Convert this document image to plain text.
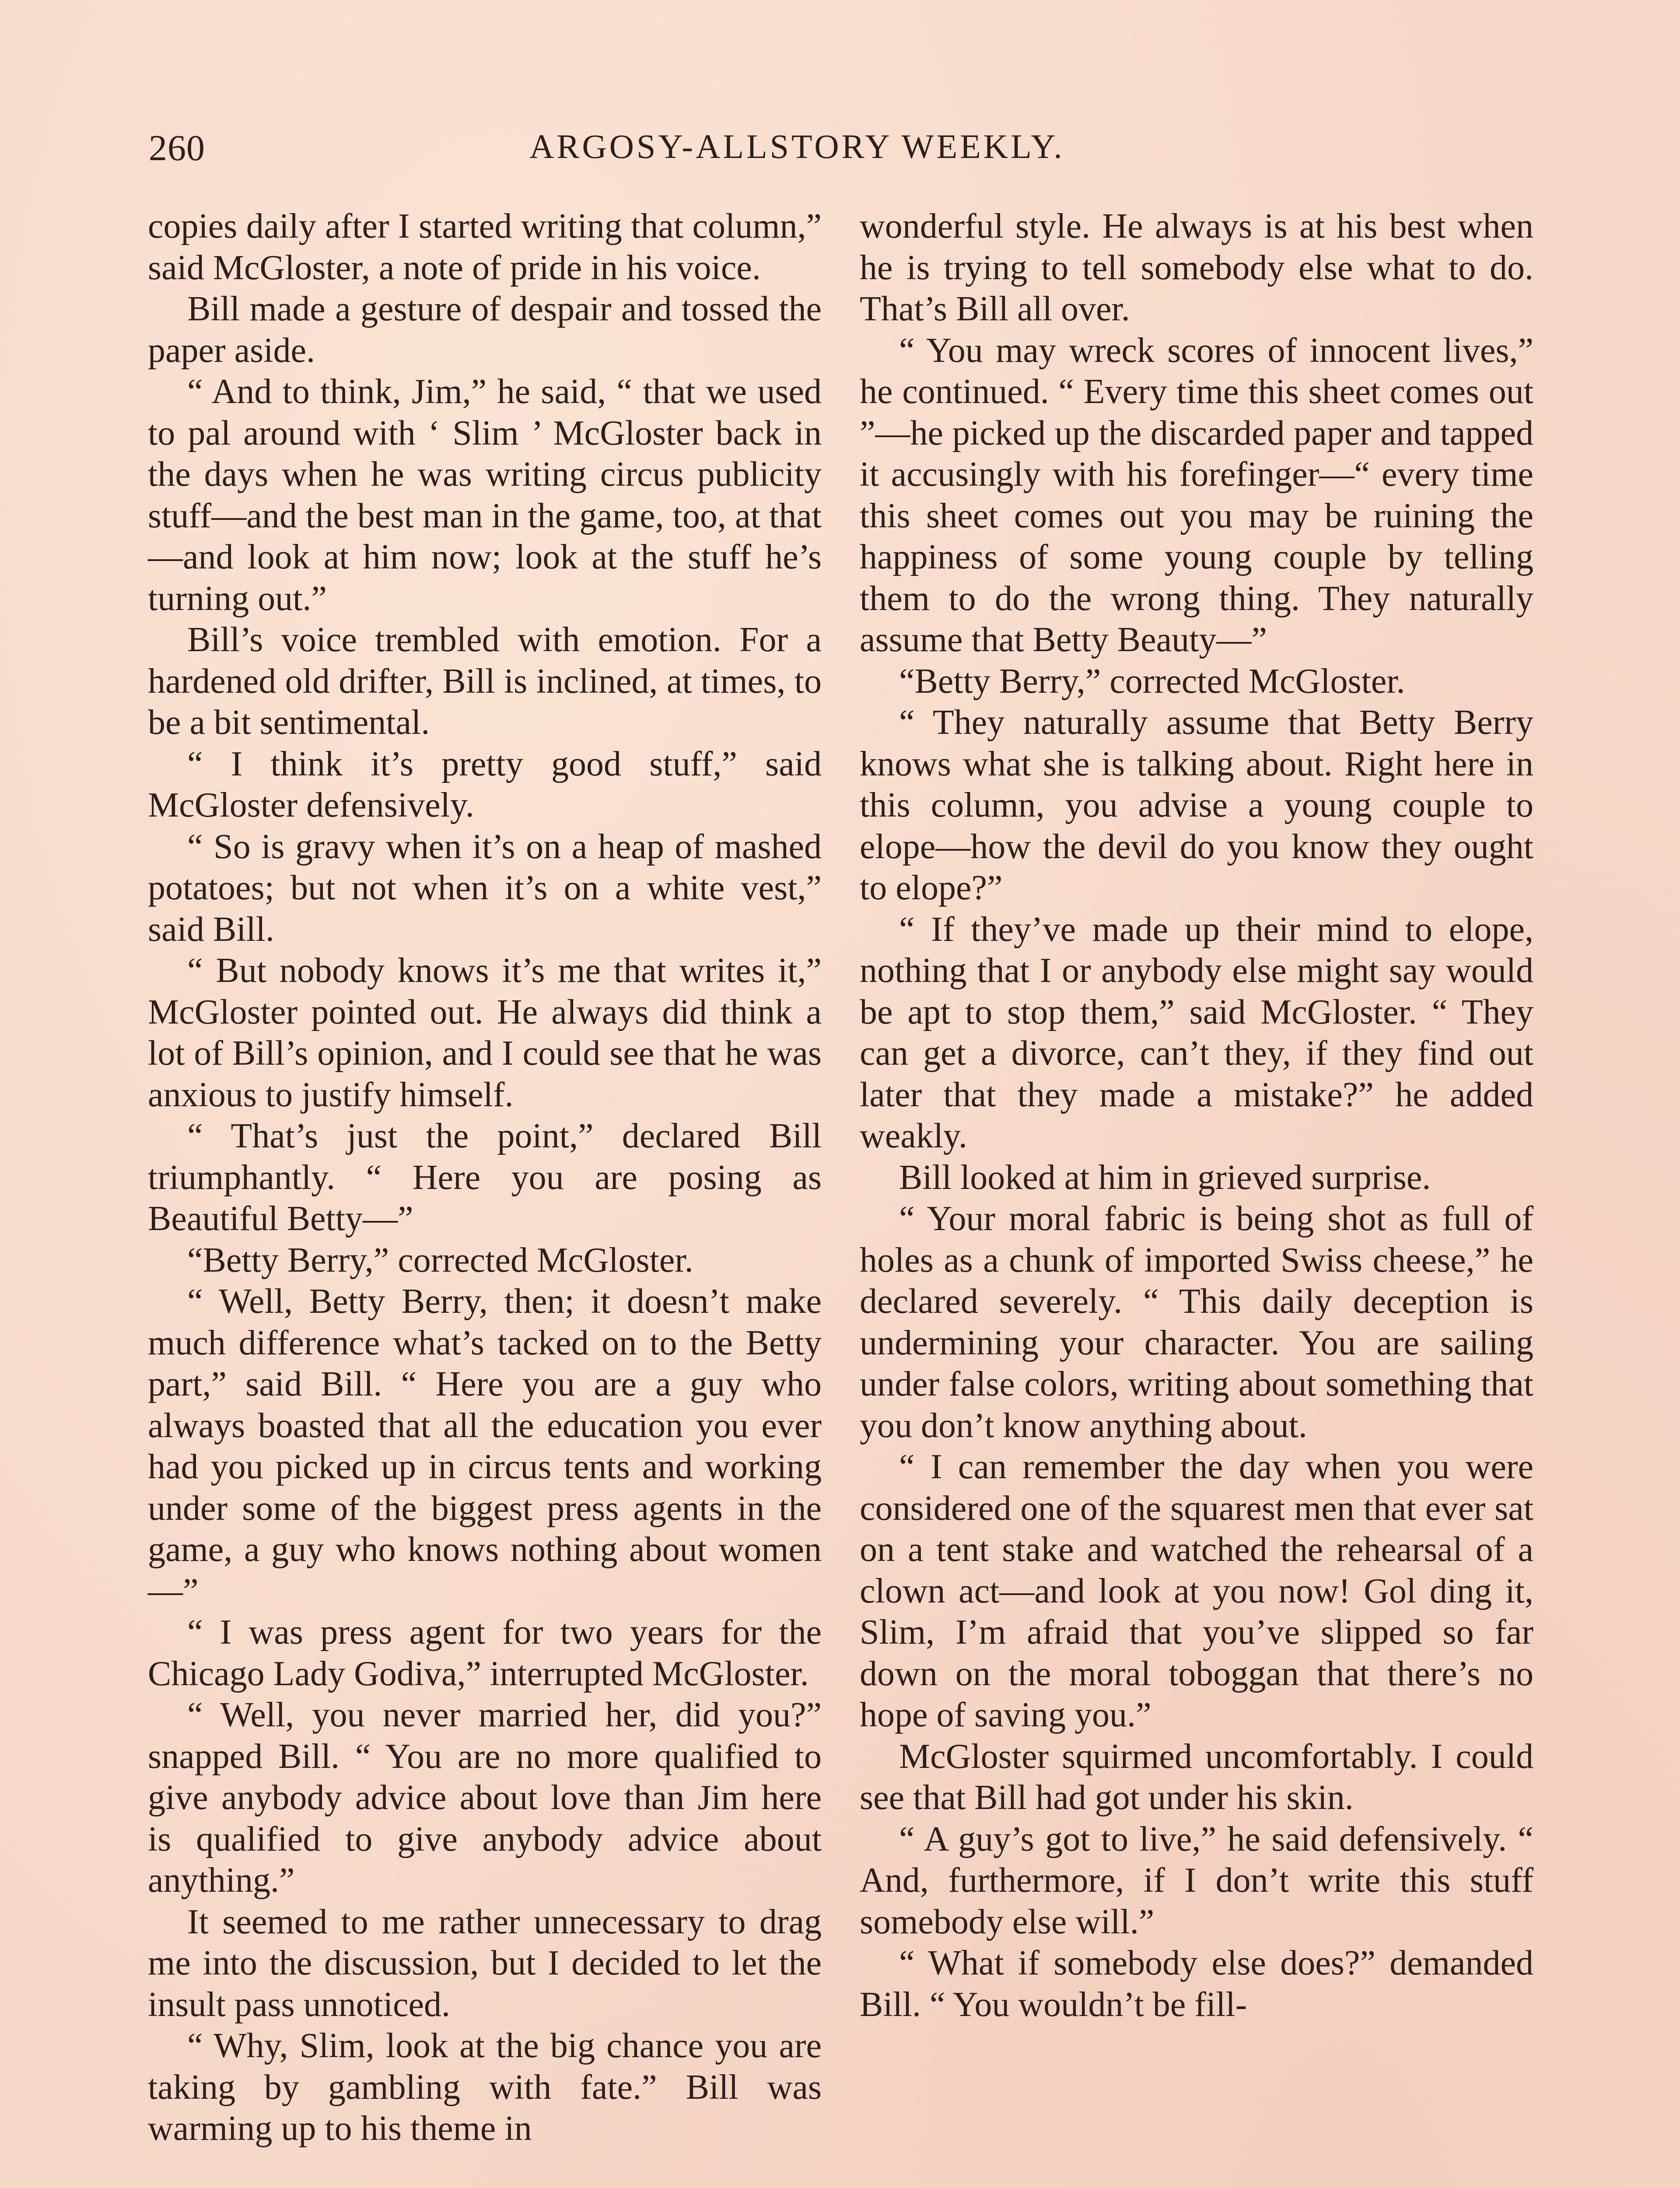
260	ARGOSY-ALLSTORY WEEKLY.

copies daily after I started writing that column,” said McGloster, a note of pride in his voice.

Bill made a gesture of despair and tossed the paper aside.

“ And to think, Jim,” he said, “ that we used to pal around with ‘ Slim ’ McGloster back in the days when he was writing circus publicity stuff—and the best man in the game, too, at that —and look at him now; look at the stuff he’s turning out.”

Bill’s voice trembled with emotion. For a hardened old drifter, Bill is inclined, at times, to be a bit sentimental.

“ I think it’s pretty good stuff,” said McGloster defensively.

“ So is gravy when it’s on a heap of mashed potatoes; but not when it’s on a white vest,” said Bill.

“ But nobody knows it’s me that writes it,” McGloster pointed out. He always did think a lot of Bill’s opinion, and I could see that he was anxious to justify himself.

“ That’s just the point,” declared Bill triumphantly. “ Here you are posing as Beautiful Betty—”

“Betty Berry,” corrected McGloster.

“ Well, Betty Berry, then; it doesn’t make much difference what’s tacked on to the Betty part,” said Bill. “ Here you are a guy who always boasted that all the education you ever had you picked up in circus tents and working under some of the biggest press agents in the game, a guy who knows nothing about women—”

“ I was press agent for two years for the Chicago Lady Godiva,” interrupted McGloster.

“ Well, you never married her, did you?” snapped Bill. “ You are no more qualified to give anybody advice about love than Jim here is qualified to give anybody advice about anything.”

It seemed to me rather unnecessary to drag me into the discussion, but I decided to let the insult pass unnoticed.

“ Why, Slim, look at the big chance you are taking by gambling with fate.” Bill was warming up to his theme in

wonderful style. He always is at his best when he is trying to tell somebody else what to do. That’s Bill all over.

“ You may wreck scores of innocent lives,” he continued. “ Every time this sheet comes out ”—he picked up the discarded paper and tapped it accusingly with his forefinger—“ every time this sheet comes out you may be ruining the happiness of some young couple by telling them to do the wrong thing. They naturally assume that Betty Beauty—”

“Betty Berry,” corrected McGloster.

“ They naturally assume that Betty Berry knows what she is talking about. Right here in this column, you advise a young couple to elope—how the devil do you know they ought to elope?”

“ If they’ve made up their mind to elope, nothing that I or anybody else might say would be apt to stop them,” said McGloster. “ They can get a divorce, can’t they, if they find out later that they made a mistake?” he added weakly.

Bill looked at him in grieved surprise.

“ Your moral fabric is being shot as full of holes as a chunk of imported Swiss cheese,” he declared severely. “ This daily deception is undermining your character. You are sailing under false colors, writing about something that you don’t know anything about.

“ I can remember the day when you were considered one of the squarest men that ever sat on a tent stake and watched the rehearsal of a clown act—and look at you now! Gol ding it, Slim, I’m afraid that you’ve slipped so far down on the moral toboggan that there’s no hope of saving you.”

McGloster squirmed uncomfortably. I could see that Bill had got under his skin.

“ A guy’s got to live,” he said defensively. “ And, furthermore, if I don’t write this stuff somebody else will.”

“ What if somebody else does?” demanded Bill. “ You wouldn’t be fill-
